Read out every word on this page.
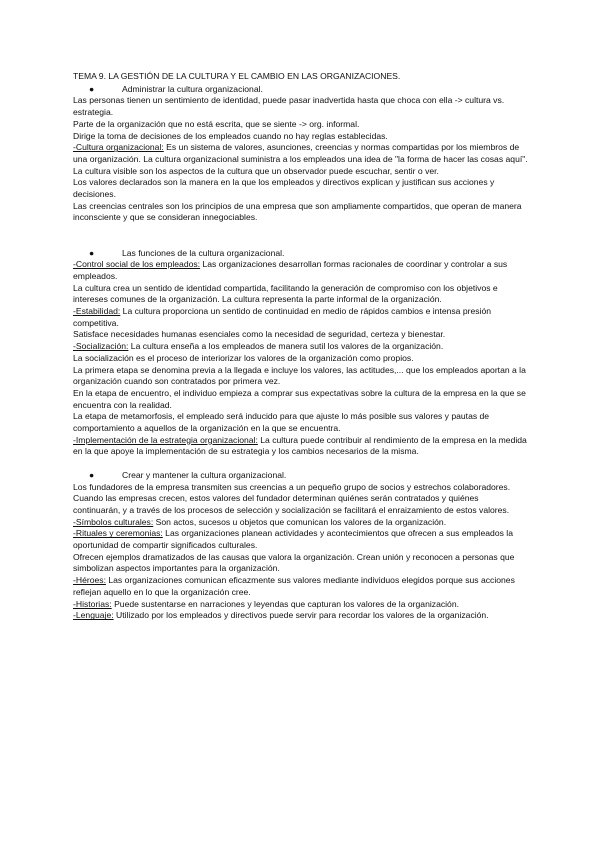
TEMA 9. LA GESTIÓN DE LA CULTURA Y EL CAMBIO EN LAS ORGANIZACIONES.

●	Administrar la cultura organizacional.

Las personas tienen un sentimiento de identidad, puede pasar inadvertida hasta que choca con ella -> cultura vs. estrategia.

Parte de la organización que no está escrita, que se siente -> org. informal.

Dirige la toma de decisiones de los empleados cuando no hay reglas establecidas.

-Cultura organizacional: Es un sistema de valores, asunciones, creencias y normas compartidas por los miembros de una organización. La cultura organizacional suministra a los empleados una idea de "la forma de hacer las cosas aquí".

La cultura visible son los aspectos de la cultura que un observador puede escuchar, sentir o ver.

Los valores declarados son la manera en la que los empleados y directivos explican y justifican sus acciones y decisiones.

Las creencias centrales son los principios de una empresa que son ampliamente compartidos, que operan de manera inconsciente y que se consideran innegociables.

●	Las funciones de la cultura organizacional.

-Control social de los empleados: Las organizaciones desarrollan formas racionales de coordinar y controlar a sus empleados.

La cultura crea un sentido de identidad compartida, facilitando la generación de compromiso con los objetivos e intereses comunes de la organización. La cultura representa la parte informal de la organización.

-Estabilidad: La cultura proporciona un sentido de continuidad en medio de rápidos cambios e intensa presión competitiva.

Satisface necesidades humanas esenciales como la necesidad de seguridad, certeza y bienestar.

-Socialización: La cultura enseña a los empleados de manera sutil los valores de la organización.

La socialización es el proceso de interiorizar los valores de la organización como propios.

La primera etapa se denomina previa a la llegada e incluye los valores, las actitudes,... que los empleados aportan a la organización cuando son contratados por primera vez.

En la etapa de encuentro, el individuo empieza a comprar sus expectativas sobre la cultura de la empresa en la que se encuentra con la realidad.

La etapa de metamorfosis, el empleado será inducido para que ajuste lo más posible sus valores y pautas de comportamiento a aquellos de la organización en la que se encuentra.

-Implementación de la estrategia organizacional: La cultura puede contribuir al rendimiento de la empresa en la medida en la que apoye la implementación de su estrategia y los cambios necesarios de la misma.

●	Crear y mantener la cultura organizacional.

Los fundadores de la empresa transmiten sus creencias a un pequeño grupo de socios y estrechos colaboradores.

Cuando las empresas crecen, estos valores del fundador determinan quiénes serán contratados y quiénes continuarán, y a través de los procesos de selección y socialización se facilitará el enraizamiento de estos valores.

-Símbolos culturales: Son actos, sucesos u objetos que comunican los valores de la organización.

-Rituales y ceremonias: Las organizaciones planean actividades y acontecimientos que ofrecen a sus empleados la oportunidad de compartir significados culturales.

Ofrecen ejemplos dramatizados de las causas que valora la organización. Crean unión y reconocen a personas que simbolizan aspectos importantes para la organización.

-Héroes: Las organizaciones comunican eficazmente sus valores mediante individuos elegidos porque sus acciones reflejan aquello en lo que la organización cree.

-Historias: Puede sustentarse en narraciones y leyendas que capturan los valores de la organización.

-Lenguaje: Utilizado por los empleados y directivos puede servir para recordar los valores de la organización.
